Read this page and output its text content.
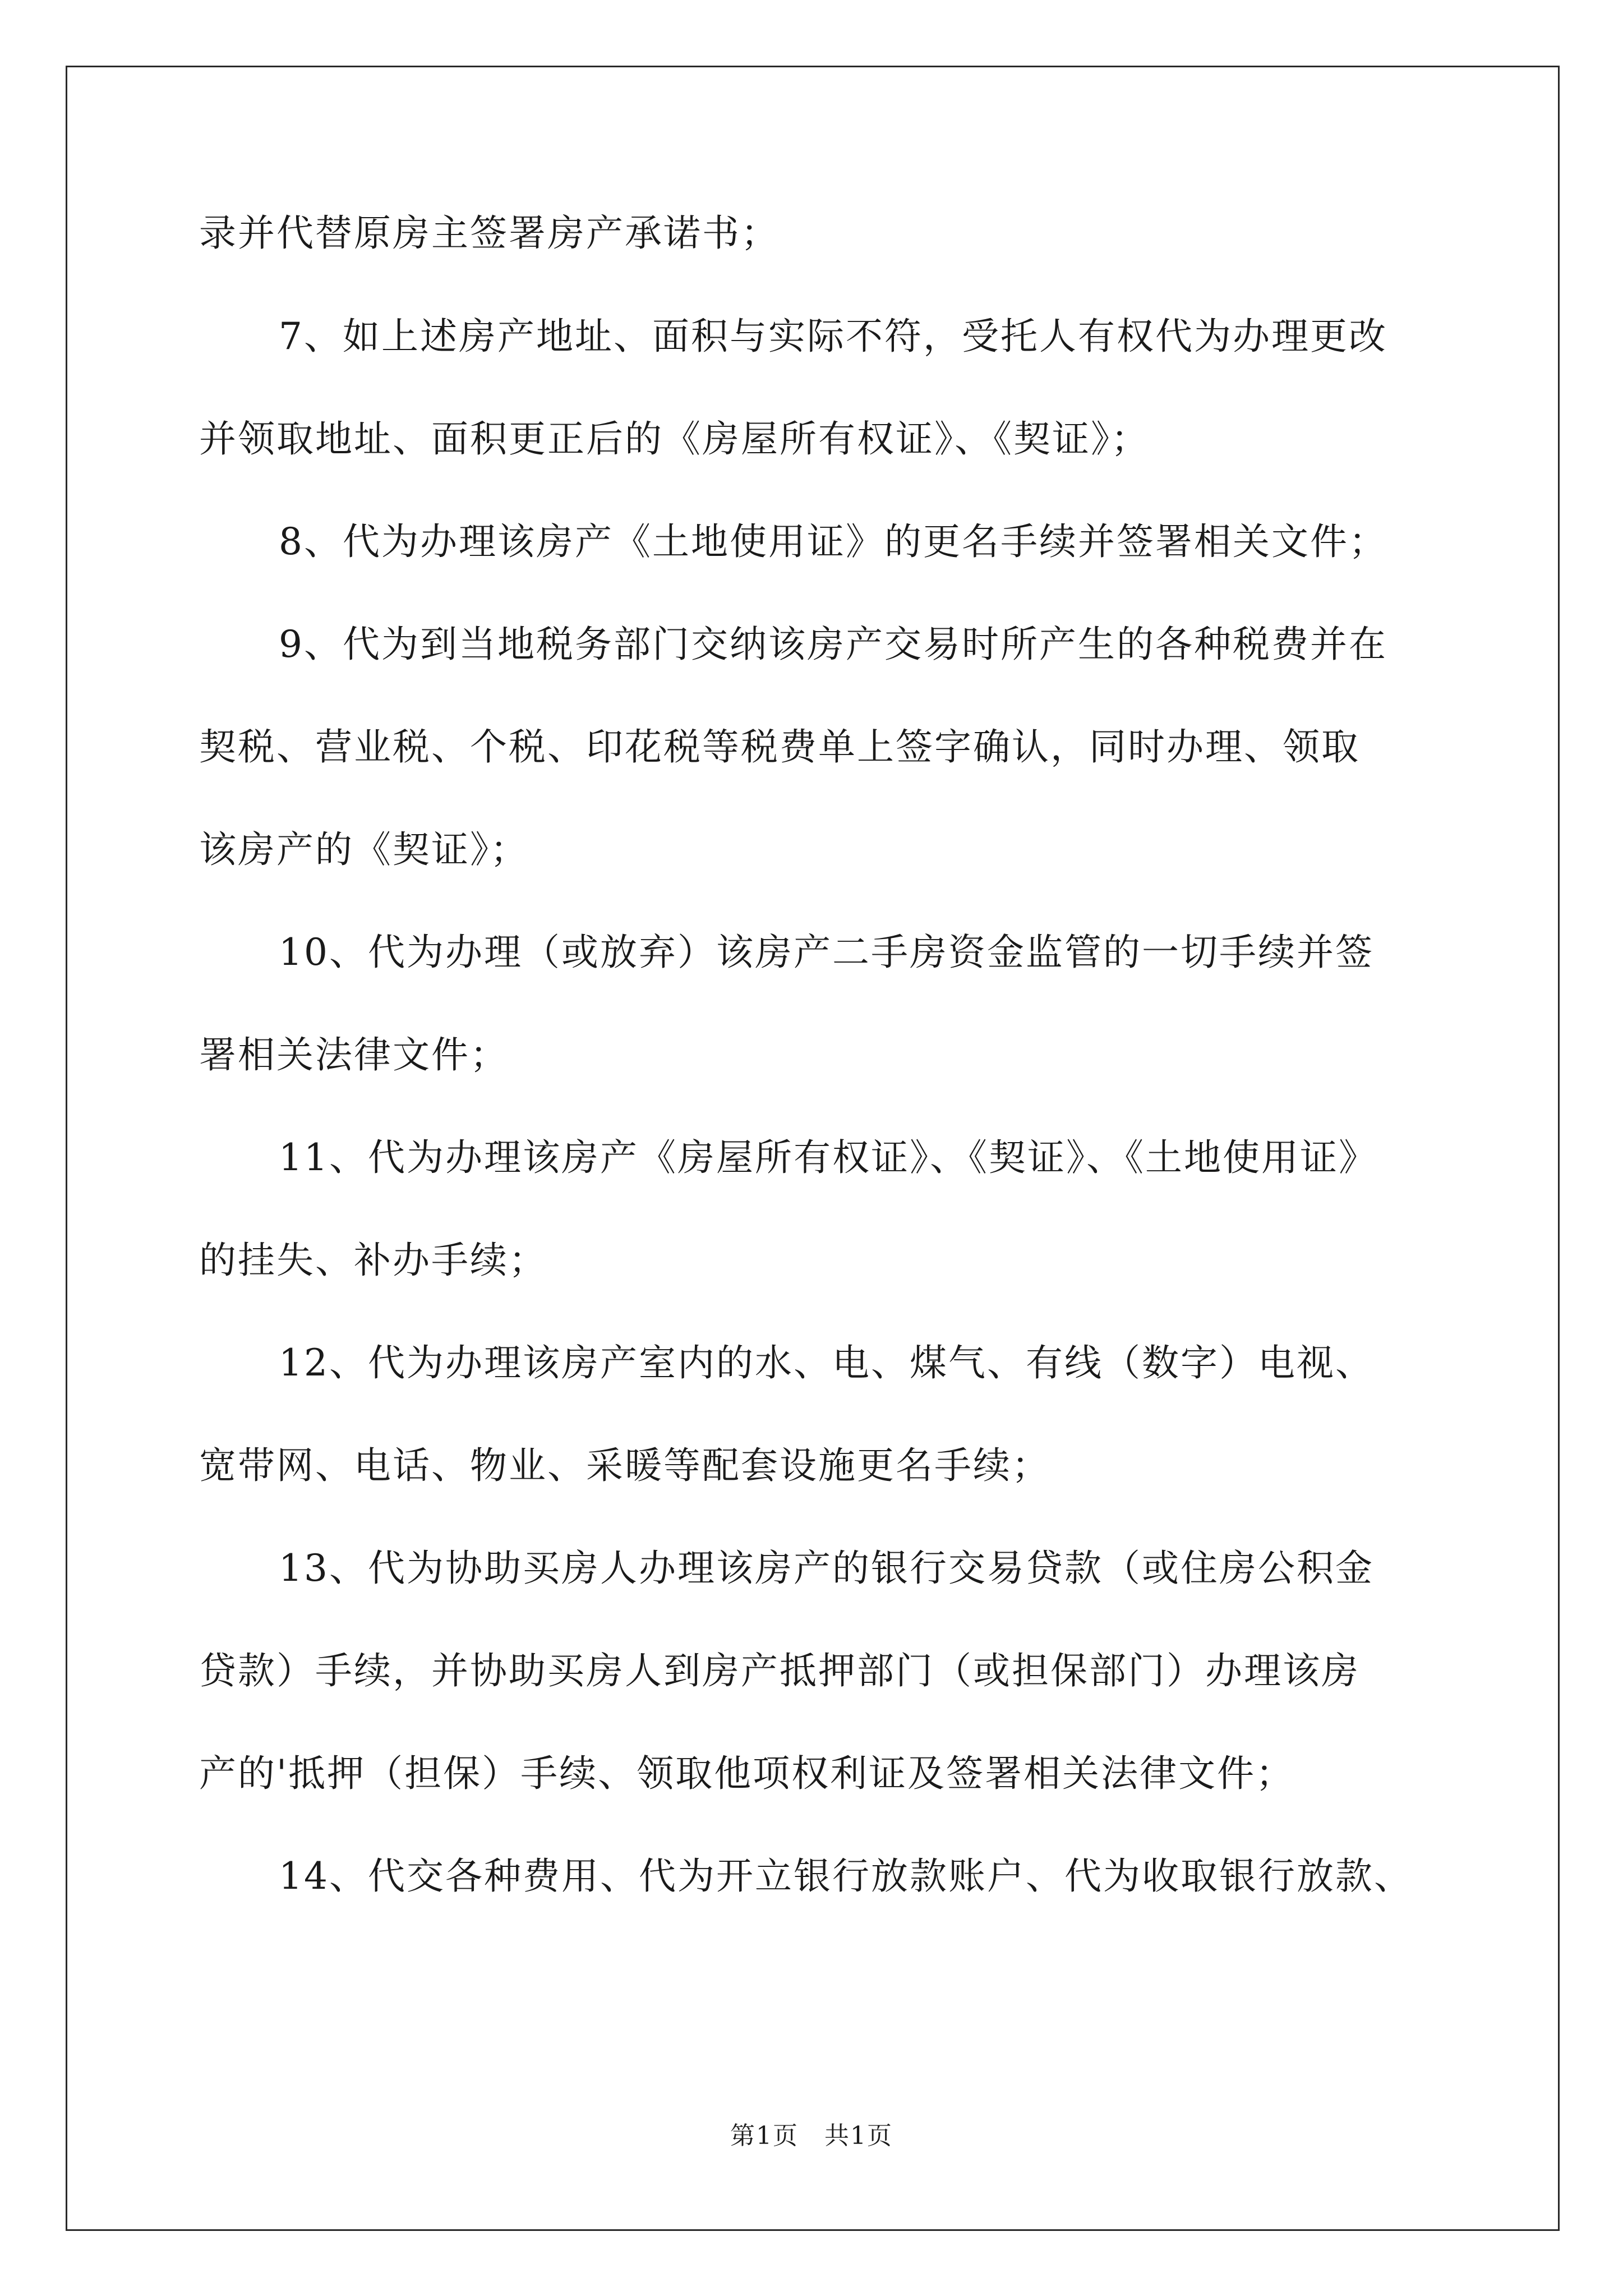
录并代替原房主签署房产承诺书；
7、如上述房产地址、面积与实际不符，受托人有权代为办理更改
并领取地址、面积更正后的《房屋所有权证》、《契证》；
8、代为办理该房产《土地使用证》的更名手续并签署相关文件；
9、代为到当地税务部门交纳该房产交易时所产生的各种税费并在
契税、营业税、个税、印花税等税费单上签字确认，同时办理、领取
该房产的《契证》；
10、代为办理（或放弃）该房产二手房资金监管的一切手续并签
署相关法律文件；
11、代为办理该房产《房屋所有权证》、《契证》、《土地使用证》
的挂失、补办手续；
12、代为办理该房产室内的水、电、煤气、有线（数字）电视、
宽带网、电话、物业、采暖等配套设施更名手续；
13、代为协助买房人办理该房产的银行交易贷款（或住房公积金
贷款）手续，并协助买房人到房产抵押部门（或担保部门）办理该房
产的'抵押（担保）手续、领取他项权利证及签署相关法律文件；
14、代交各种费用、代为开立银行放款账户、代为收取银行放款、
第1页　共1页
